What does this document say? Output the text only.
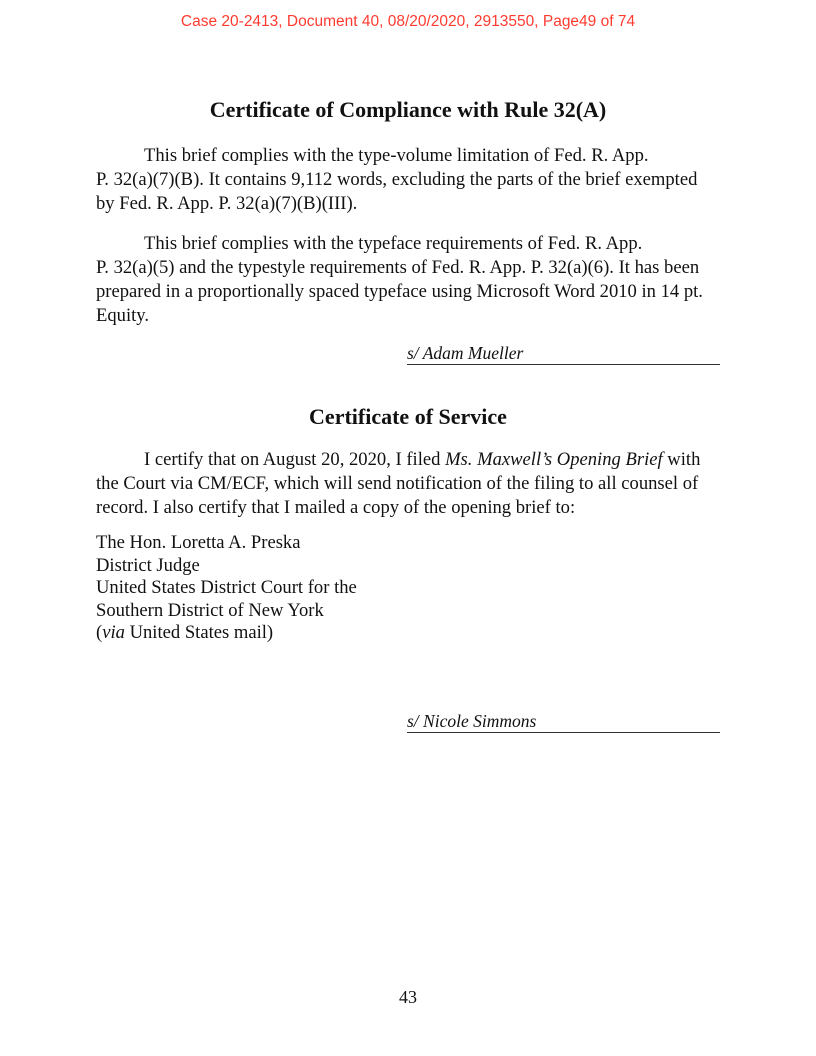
Case 20-2413, Document 40, 08/20/2020, 2913550, Page49 of 74
Certificate of Compliance with Rule 32(A)

This brief complies with the type-volume limitation of Fed. R. App.
P. 32(a)(7)(B). It contains 9,112 words, excluding the parts of the brief exempted by Fed. R. App. P. 32(a)(7)(B)(III).

This brief complies with the typeface requirements of Fed. R. App.
P. 32(a)(5) and the typestyle requirements of Fed. R. App. P. 32(a)(6). It has been prepared in a proportionally spaced typeface using Microsoft Word 2010 in 14 pt. Equity.

s/ Adam Mueller
Certificate of Service

I certify that on August 20, 2020, I filed Ms. Maxwell’s Opening Brief with the Court via CM/ECF, which will send notification of the filing to all counsel of record. I also certify that I mailed a copy of the opening brief to:

The Hon. Loretta A. Preska
District Judge
United States District Court for the
Southern District of New York
(via United States mail)
s/ Nicole Simmons
43
